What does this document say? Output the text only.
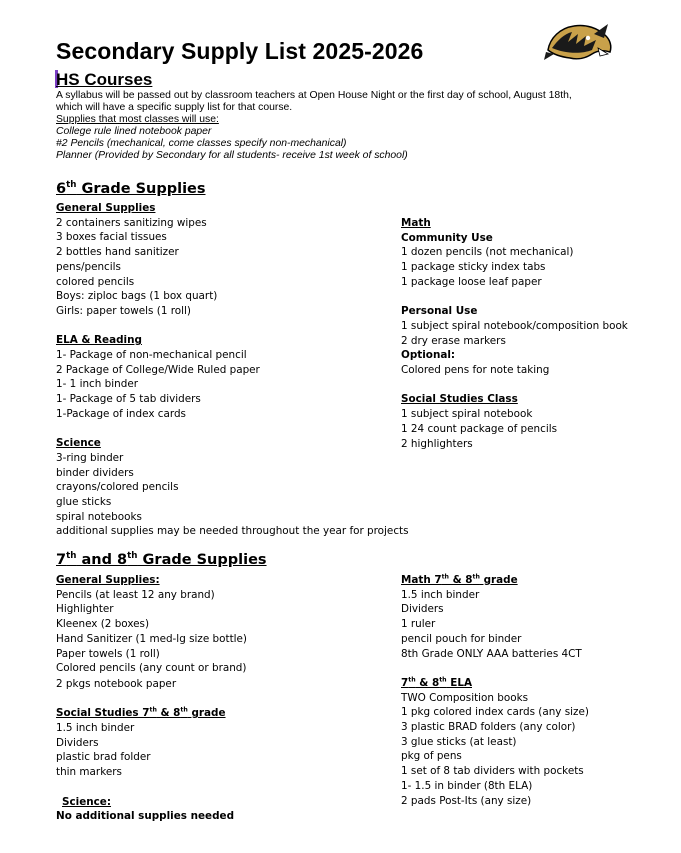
Secondary Supply List 2025-2026
HS Courses
A syllabus will be passed out by classroom teachers at Open House Night or the first day of school, August 18th,
which will have a specific supply list for that course.
Supplies that most classes will use:
College rule lined notebook paper
#2 Pencils (mechanical, come classes specify non-mechanical)
Planner (Provided by Secondary for all students- receive 1st week of school)
6th Grade Supplies
General Supplies
2 containers sanitizing wipes
3 boxes facial tissues
2 bottles hand sanitizer
pens/pencils
colored pencils
Boys: ziploc bags (1 box quart)
Girls: paper towels (1 roll)
ELA & Reading
1- Package of non-mechanical pencil
2 Package of College/Wide Ruled paper
1- 1 inch binder
1- Package of 5 tab dividers
1-Package of index cards
Science
3-ring binder
binder dividers
crayons/colored pencils
glue sticks
spiral notebooks
additional supplies may be needed throughout the year for projects
Math
Community Use
1 dozen pencils (not mechanical)
1 package sticky index tabs
1 package loose leaf paper
Personal Use
1 subject spiral notebook/composition book
2 dry erase markers
Optional:
Colored pens for note taking
Social Studies Class
1 subject spiral notebook
1 24 count package of pencils
2 highlighters
7th and 8th Grade Supplies
General Supplies:
Pencils (at least 12 any brand)
Highlighter
Kleenex (2 boxes)
Hand Sanitizer (1 med-lg size bottle)
Paper towels (1 roll)
Colored pencils (any count or brand)
2 pkgs notebook paper
Social Studies 7th & 8th grade
1.5 inch binder
Dividers
plastic brad folder
thin markers
Science:
No additional supplies needed
Math 7th & 8th grade
1.5 inch binder
Dividers
1 ruler
pencil pouch for binder
8th Grade ONLY AAA batteries 4CT
7th & 8th ELA
TWO Composition books
1 pkg colored index cards (any size)
3 plastic BRAD folders (any color)
3 glue sticks (at least)
pkg of pens
1 set of 8 tab dividers with pockets
1- 1.5 in binder (8th ELA)
2 pads Post-Its (any size)
